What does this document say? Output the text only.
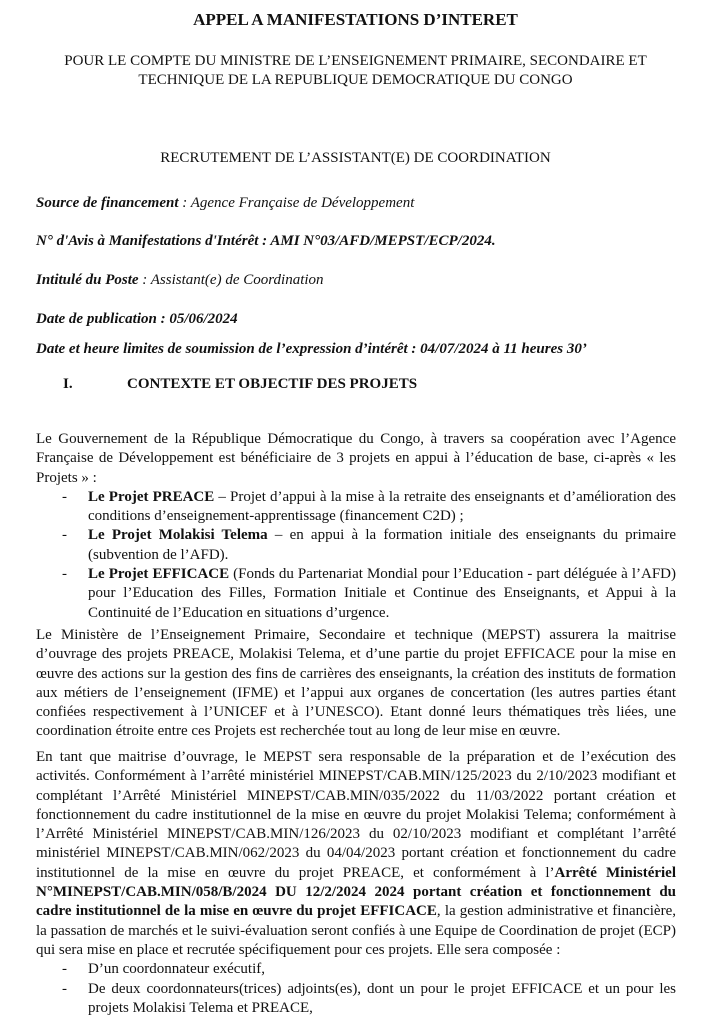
APPEL A MANIFESTATIONS D’INTERET
POUR LE COMPTE DU MINISTRE DE L’ENSEIGNEMENT PRIMAIRE, SECONDAIRE ET TECHNIQUE DE LA REPUBLIQUE DEMOCRATIQUE DU CONGO
RECRUTEMENT DE L’ASSISTANT(E) DE COORDINATION
Source de financement : Agence Française de Développement
N° d'Avis à Manifestations d'Intérêt : AMI N°03/AFD/MEPST/ECP/2024.
Intitulé du Poste : Assistant(e) de Coordination
Date de publication : 05/06/2024
Date et heure limites de soumission de l’expression d’intérêt : 04/07/2024 à 11 heures 30’
I.	CONTEXTE ET OBJECTIF DES PROJETS

Le Gouvernement de la République Démocratique du Congo, à travers sa coopération avec l’Agence Française de Développement est bénéficiaire de 3 projets en appui à l’éducation de base, ci-après « les Projets » :

- Le Projet PREACE – Projet d’appui à la mise à la retraite des enseignants et d’amélioration des conditions d’enseignement-apprentissage (financement C2D) ;
- Le Projet Molakisi Telema – en appui à la formation initiale des enseignants du primaire (subvention de l’AFD).
- Le Projet EFFICACE (Fonds du Partenariat Mondial pour l’Education - part déléguée à l’AFD) pour l’Education des Filles, Formation Initiale et Continue des Enseignants, et Appui à la Continuité de l’Education en situations d’urgence.

Le Ministère de l’Enseignement Primaire, Secondaire et technique (MEPST) assurera la maitrise d’ouvrage des projets PREACE, Molakisi Telema, et d’une partie du projet EFFICACE pour la mise en œuvre des actions sur la gestion des fins de carrières des enseignants, la création des instituts de formation aux métiers de l’enseignement (IFME) et l’appui aux organes de concertation (les autres parties étant confiées respectivement à l’UNICEF et à l’UNESCO). Etant donné leurs thématiques très liées, une coordination étroite entre ces Projets est recherchée tout au long de leur mise en œuvre.

En tant que maitrise d’ouvrage, le MEPST sera responsable de la préparation et de l’exécution des activités. Conformément à l’arrêté ministériel MINEPST/CAB.MIN/125/2023 du 2/10/2023 modifiant et complétant l’Arrêté Ministériel MINEPST/CAB.MIN/035/2022 du 11/03/2022 portant création et fonctionnement du cadre institutionnel de la mise en œuvre du projet Molakisi Telema; conformément à l’Arrêté Ministériel MINEPST/CAB.MIN/126/2023 du 02/10/2023 modifiant et complétant l’arrêté ministériel MINEPST/CAB.MIN/062/2023 du 04/04/2023 portant création et fonctionnement du cadre institutionnel de la mise en œuvre du projet PREACE, et conformément à l’Arrêté Ministériel N°MINEPST/CAB.MIN/058/B/2024 DU 12/2/2024 2024 portant création et fonctionnement du cadre institutionnel de la mise en œuvre du projet EFFICACE, la gestion administrative et financière, la passation de marchés et le suivi-évaluation seront confiés à une Equipe de Coordination de projet (ECP) qui sera mise en place et recrutée spécifiquement pour ces projets. Elle sera composée :

- D’un coordonnateur exécutif,
- De deux coordonnateurs(trices) adjoints(es), dont un pour le projet EFFICACE et un pour les projets Molakisi Telema et PREACE,
